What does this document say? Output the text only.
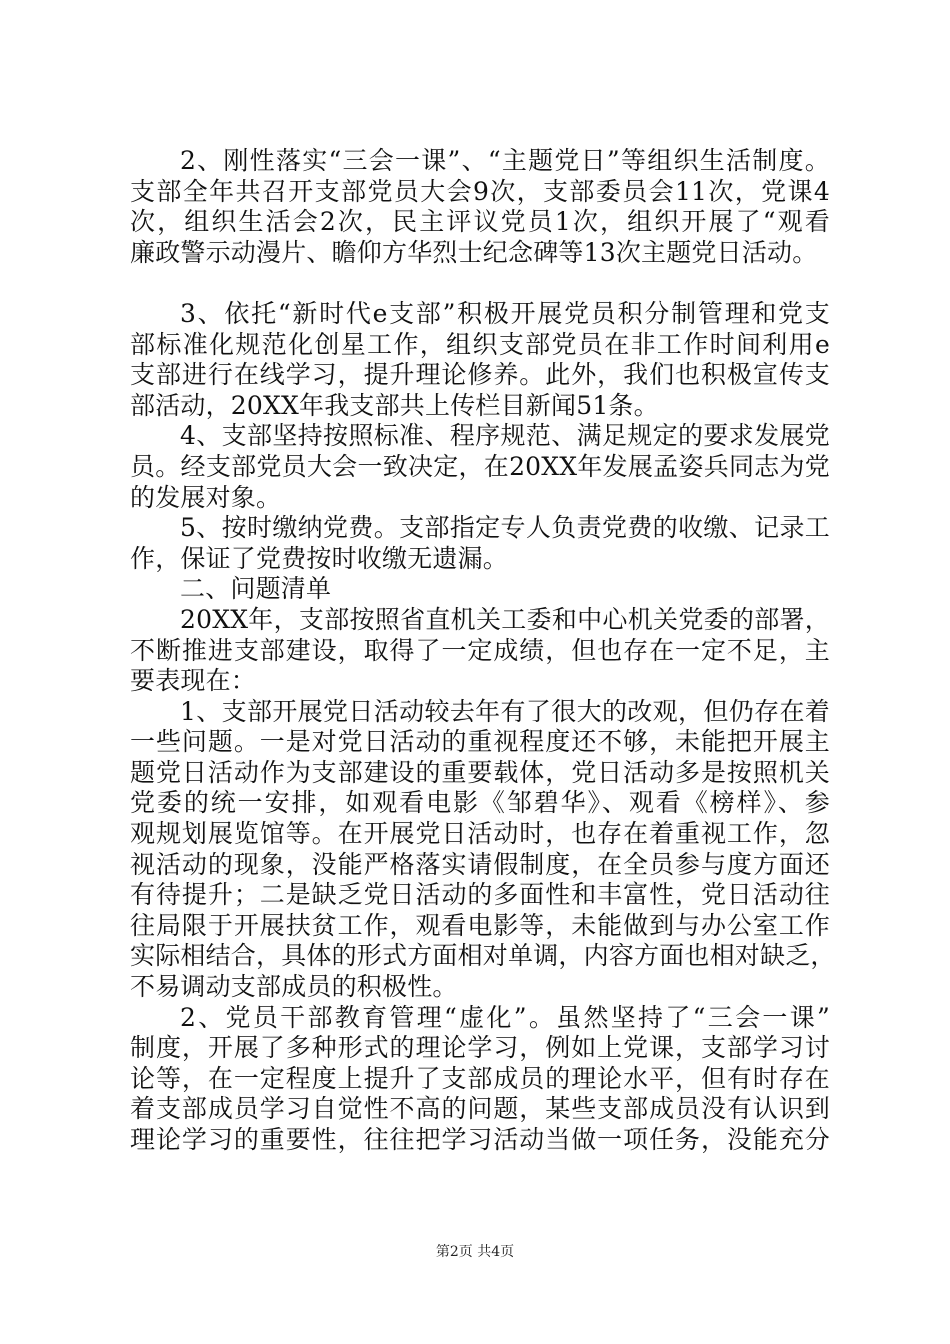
2、刚性落实“三会一课”、“主题党日”等组织生活制度。
支部全年共召开支部党员大会9次，支部委员会11次，党课4
次，组织生活会2次，民主评议党员1次，组织开展了“观看
廉政警示动漫片、瞻仰方华烈士纪念碑等13次主题党日活动。
3、依托“新时代e支部”积极开展党员积分制管理和党支
部标准化规范化创星工作，组织支部党员在非工作时间利用e
支部进行在线学习，提升理论修养。此外，我们也积极宣传支
部活动，20XX年我支部共上传栏目新闻51条。
4、支部坚持按照标准、程序规范、满足规定的要求发展党
员。经支部党员大会一致决定，在20XX年发展孟姿兵同志为党
的发展对象。
5、按时缴纳党费。支部指定专人负责党费的收缴、记录工
作，保证了党费按时收缴无遗漏。
二、问题清单
20XX年，支部按照省直机关工委和中心机关党委的部署，
不断推进支部建设，取得了一定成绩，但也存在一定不足，主
要表现在：
1、支部开展党日活动较去年有了很大的改观，但仍存在着
一些问题。一是对党日活动的重视程度还不够，未能把开展主
题党日活动作为支部建设的重要载体，党日活动多是按照机关
党委的统一安排，如观看电影《邹碧华》、观看《榜样》、参
观规划展览馆等。在开展党日活动时，也存在着重视工作，忽
视活动的现象，没能严格落实请假制度，在全员参与度方面还
有待提升；二是缺乏党日活动的多面性和丰富性，党日活动往
往局限于开展扶贫工作，观看电影等，未能做到与办公室工作
实际相结合，具体的形式方面相对单调，内容方面也相对缺乏，
不易调动支部成员的积极性。
2、党员干部教育管理“虚化”。虽然坚持了“三会一课”
制度，开展了多种形式的理论学习，例如上党课，支部学习讨
论等，在一定程度上提升了支部成员的理论水平，但有时存在
着支部成员学习自觉性不高的问题，某些支部成员没有认识到
理论学习的重要性，往往把学习活动当做一项任务，没能充分
第2页 共4页
